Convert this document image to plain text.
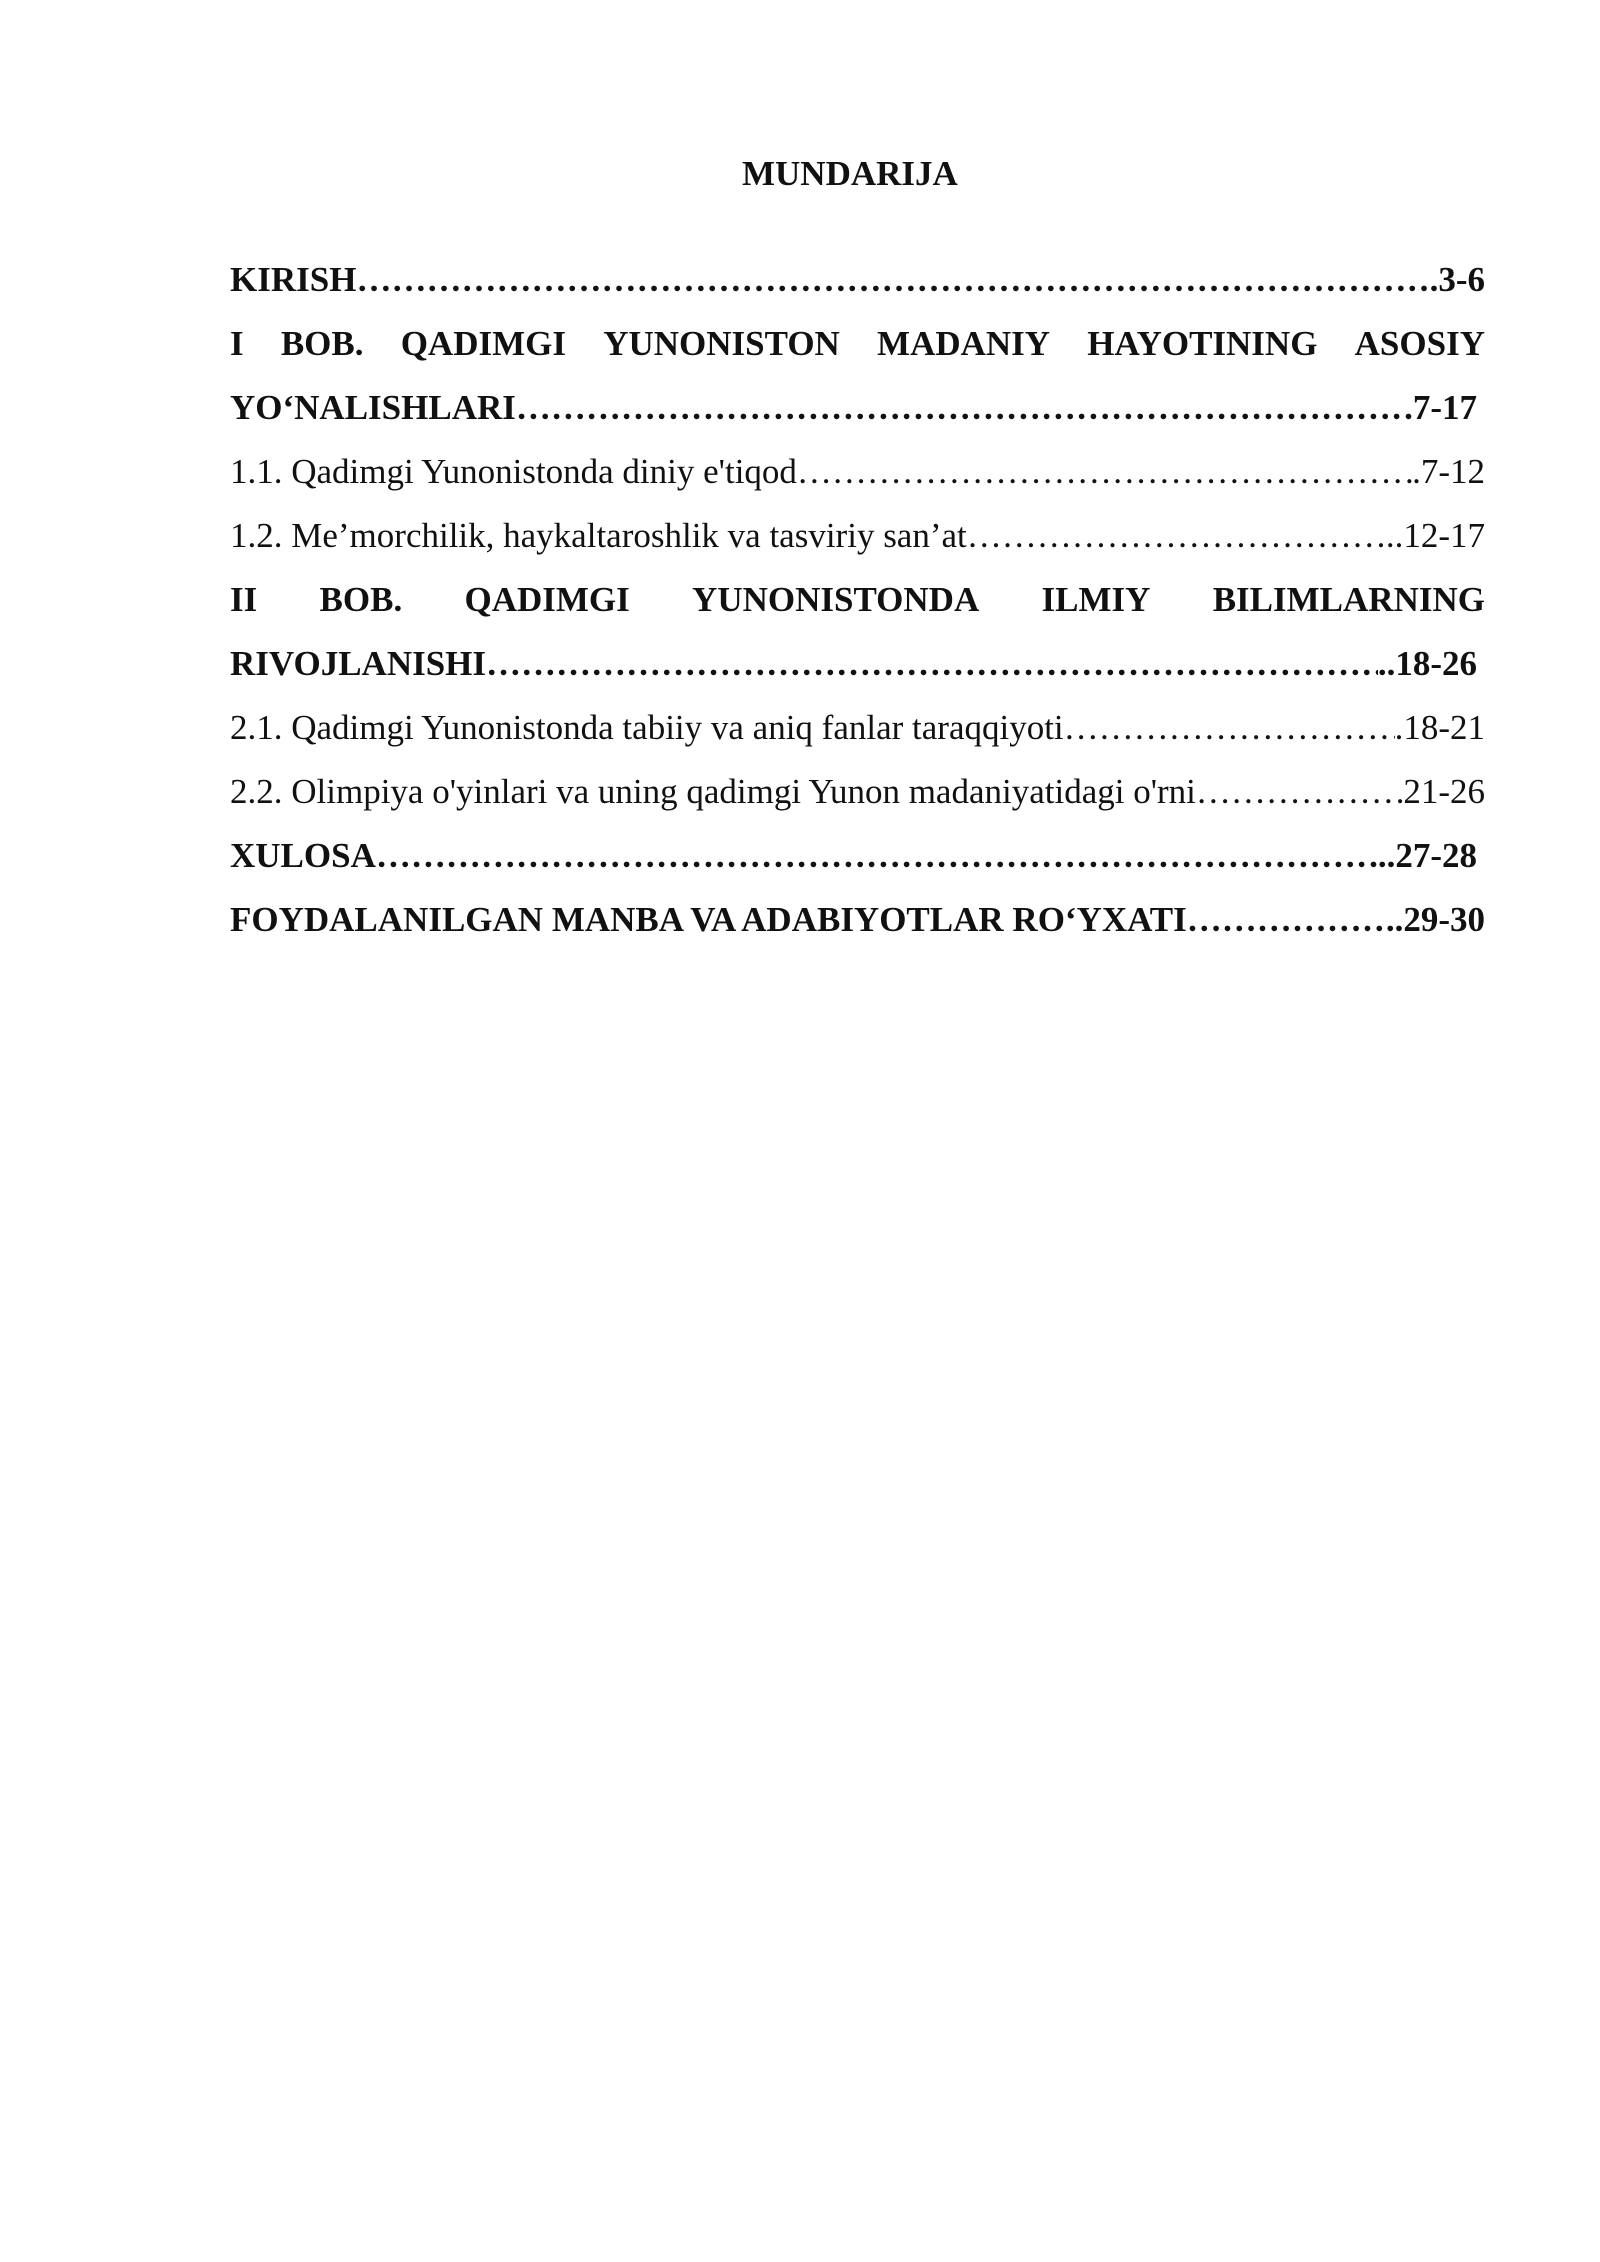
MUNDARIJA
KIRISH ……………………………………………………………………………………………………………………………………………………………………………	.3-6
I BOB. QADIMGI YUNONISTON MADANIY HAYOTINING ASOSIY
YO‘NALISHLARI ……………………………………………………………………………………………………………………………………………………………………………	.7-17
1.1. Qadimgi Yunonistonda diniy e'tiqod ……………………………………………………………………………………………………………………………………………………………………………	.7-12
1.2. Me’morchilik, haykaltaroshlik va tasviriy san’at ……………………………………………………………………………………………………………………………………………………………………………	..12-17
II BOB. QADIMGI YUNONISTONDA ILMIY BILIMLARNING
RIVOJLANISHI ……………………………………………………………………………………………………………………………………………………………………………	..18-26
2.1. Qadimgi Yunonistonda tabiiy va aniq fanlar taraqqiyoti ……………………………………………………………………………………………………………………………………………………………………………	.18-21
2.2. Olimpiya o'yinlari va uning qadimgi Yunon madaniyatidagi o'rni ……………………………………………………………………………………………………………………………………………………………………………	21-26
XULOSA ……………………………………………………………………………………………………………………………………………………………………………	...27-28
FOYDALANILGAN MANBA VA ADABIYOTLAR RO‘YXATI ……………………………………………………………………………………………………………………………………………………………………………	..29-30
